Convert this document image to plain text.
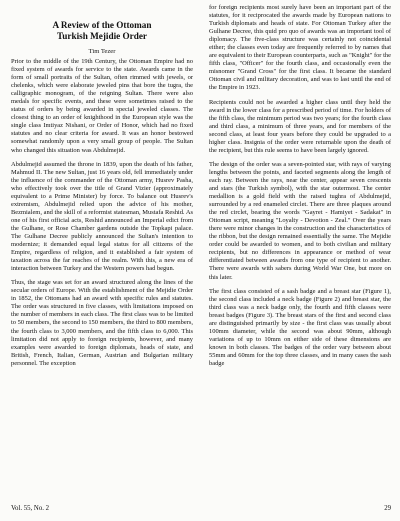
A Review of the Ottoman
Turkish Mejidie Order
Tim Tezer

Prior to the middle of the 19th Century, the Ottoman Empire had no fixed system of awards for service to the state. Awards came in the form of small portraits of the Sultan, often rimmed with jewels, or chelenks, which were elaborate jeweled pins that bore the tugra, the calligraphic monogram, of the reigning Sultan. There were also medals for specific events, and these were sometimes raised to the status of orders by being awarded in special jeweled classes. The closest thing to an order of knighthood in the European style was the single class Imtiyaz Nishani, or Order of Honor, which had no fixed statutes and no clear criteria for award. It was an honor bestowed somewhat randomly upon a very small group of people. The Sultan who changed this situation was Abdulmejid.

Abdulmejid assumed the throne in 1839, upon the death of his father, Mahmud II. The new Sultan, just 16 years old, fell immediately under the influence of the commander of the Ottoman army, Husrev Pasha, who effectively took over the title of Grand Vizier (approximately equivalent to a Prime Minister) by force. To balance out Husrev's extremism, Abdulmejid relied upon the advice of his mother, Bezmialem, and the skill of a reformist statesman, Mustafa Reshid. As one of his first official acts, Reshid announced an Imperial edict from the Gulhane, or Rose Chamber gardens outside the Topkapi palace. The Gulhane Decree publicly announced the Sultan's intention to modernize; it demanded equal legal status for all citizens of the Empire, regardless of religion, and it established a fair system of taxation across the far reaches of the realm. With this, a new era of interaction between Turkey and the Western powers had begun.

Thus, the stage was set for an award structured along the lines of the secular orders of Europe. With the establishment of the Mejidie Order in 1852, the Ottomans had an award with specific rules and statutes. The order was structured in five classes, with limitations imposed on the number of members in each class. The first class was to be limited to 50 members, the second to 150 members, the third to 800 members, the fourth class to 3,000 members, and the fifth class to 6,000. This limitation did not apply to foreign recipients, however, and many examples were awarded to foreign diplomats, heads of state, and British, French, Italian, German, Austrian and Bulgarian military personnel. The exception

for foreign recipients most surely have been an important part of the statutes, for it reciprocated the awards made by European nations to Turkish diplomats and heads of state. For Ottoman Turkey after the Gulhane Decree, this quid pro quo of awards was an important tool of diplomacy. The five-class structure was certainly not coincidental either; the classes even today are frequently referred to by names that are equivalent to their European counterparts, such as "Knight" for the fifth class, "Officer" for the fourth class, and occasionally even the misnomer "Grand Cross" for the first class. It became the standard Ottoman civil and military decoration, and was to last until the end of the Empire in 1923.

Recipients could not be awarded a higher class until they held the award in the lower class for a prescribed period of time. For holders of the fifth class, the minimum period was two years; for the fourth class and third class, a minimum of three years, and for members of the second class, at least four years before they could be upgraded to a higher class. Insignia of the order were returnable upon the death of the recipient, but this rule seems to have been largely ignored.

The design of the order was a seven-pointed star, with rays of varying lengths between the points, and faceted segments along the length of each ray. Between the rays, near the center, appear seven crescents and stars (the Turkish symbol), with the star outermost. The center medallion is a gold field with the raised tughra of Abdulmejid, surrounded by a red enameled circlet. There are three plaques around the red circlet, bearing the words "Gayret - Hamiyet - Sadakat" in Ottoman script, meaning "Loyalty - Devotion - Zeal." Over the years there were minor changes in the construction and the characteristics of the ribbon, but the design remained essentially the same. The Mejidie order could be awarded to women, and to both civilian and military recipients, but no differences in appearance or method of wear differentiated between awards from one type of recipient to another. There were awards with sabers during World War One, but more on this later.

The first class consisted of a sash badge and a breast star (Figure 1), the second class included a neck badge (Figure 2) and breast star, the third class was a neck badge only, the fourth and fifth classes were breast badges (Figure 3). The breast stars of the first and second class are distinguished primarily by size - the first class was usually about 100mm diameter, while the second was about 90mm, although variations of up to 10mm on either side of these dimensions are known in both classes. The badges of the order vary between about 55mm and 60mm for the top three classes, and in many cases the sash badge

Vol. 55, No. 2	29
